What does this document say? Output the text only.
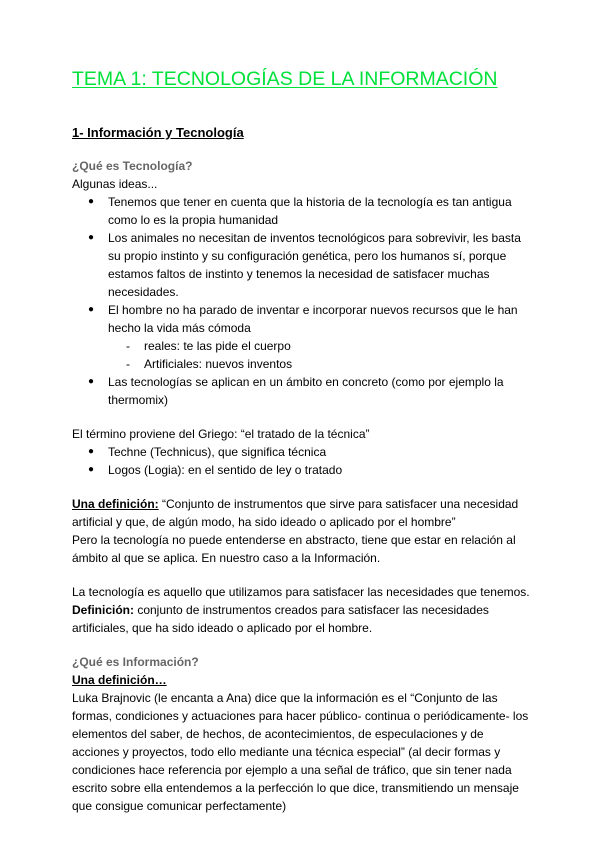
TEMA 1: TECNOLOGÍAS DE LA INFORMACIÓN
1- Información y Tecnología
¿Qué es Tecnología?
Algunas ideas...
● Tenemos que tener en cuenta que la historia de la tecnología es tan antigua como lo es la propia humanidad
● Los animales no necesitan de inventos tecnológicos para sobrevivir, les basta su propio instinto y su configuración genética, pero los humanos sí, porque estamos faltos de instinto y tenemos la necesidad de satisfacer muchas necesidades.
● El hombre no ha parado de inventar e incorporar nuevos recursos que le han hecho la vida más cómoda
- reales: te las pide el cuerpo
- Artificiales: nuevos inventos
● Las tecnologías se aplican en un ámbito en concreto (como por ejemplo la thermomix)
El término proviene del Griego: “el tratado de la técnica”
● Techne (Technicus), que significa técnica
● Logos (Logia): en el sentido de ley o tratado
Una definición: “Conjunto de instrumentos que sirve para satisfacer una necesidad artificial y que, de algún modo, ha sido ideado o aplicado por el hombre”
Pero la tecnología no puede entenderse en abstracto, tiene que estar en relación al ámbito al que se aplica. En nuestro caso a la Información.
La tecnología es aquello que utilizamos para satisfacer las necesidades que tenemos.
Definición: conjunto de instrumentos creados para satisfacer las necesidades artificiales, que ha sido ideado o aplicado por el hombre.
¿Qué es Información?
Una definición…
Luka Brajnovic (le encanta a Ana) dice que la información es el “Conjunto de las formas, condiciones y actuaciones para hacer público- continua o periódicamente- los elementos del saber, de hechos, de acontecimientos, de especulaciones y de acciones y proyectos, todo ello mediante una técnica especial” (al decir formas y condiciones hace referencia por ejemplo a una señal de tráfico, que sin tener nada escrito sobre ella entendemos a la perfección lo que dice, transmitiendo un mensaje que consigue comunicar perfectamente)
